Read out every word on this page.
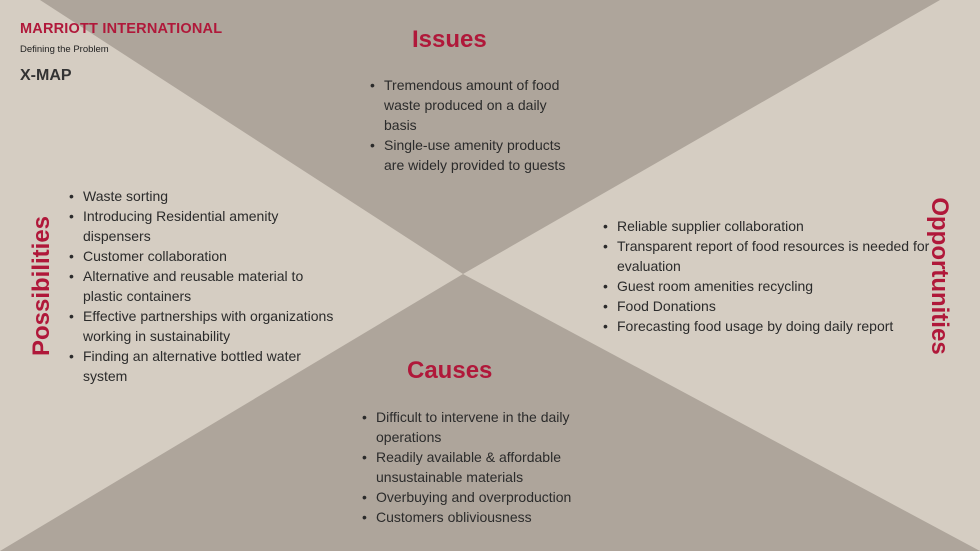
MARRIOTT INTERNATIONAL
Defining the Problem
X-MAP
Issues
• Tremendous amount of food waste produced on a daily basis
• Single-use amenity products are widely provided to guests
Possibilities
• Waste sorting
• Introducing Residential amenity dispensers
• Customer collaboration
• Alternative and reusable material to plastic containers
• Effective partnerships with organizations working in sustainability
• Finding an alternative bottled water system
Opportunities
• Reliable supplier collaboration
• Transparent report of food resources is needed for evaluation
• Guest room amenities recycling
• Food Donations
• Forecasting food usage by doing daily report
Causes
• Difficult to intervene in the daily operations
• Readily available & affordable unsustainable materials
• Overbuying and overproduction
• Customers obliviousness
